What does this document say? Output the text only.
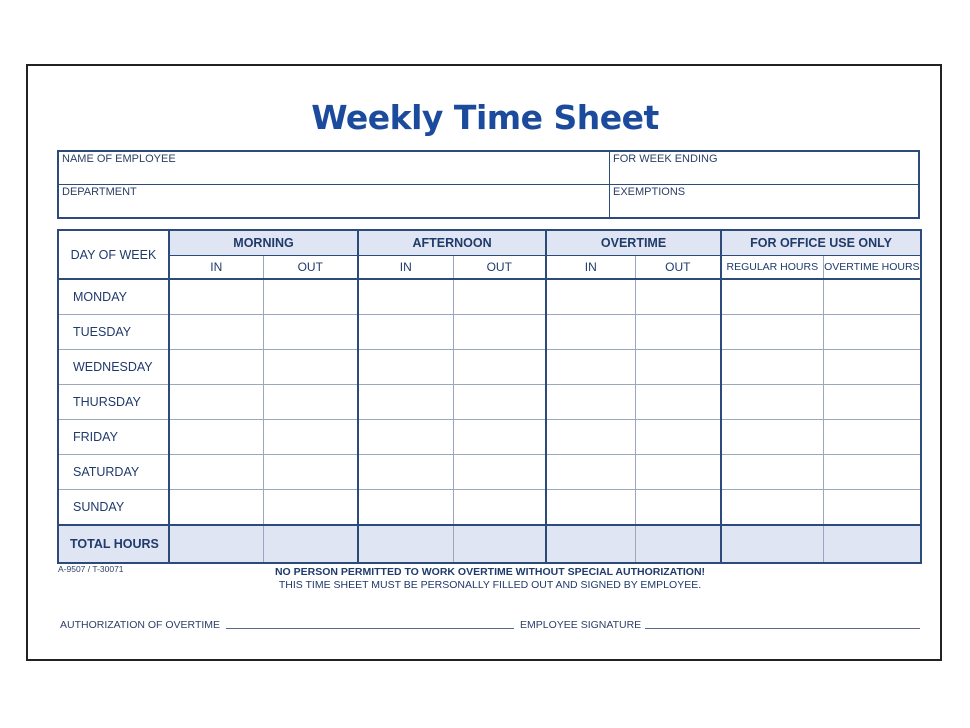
Weekly Time Sheet
NAME OF EMPLOYEE	FOR WEEK ENDING
DEPARTMENT	EXEMPTIONS
DAY OF WEEK	MORNING		AFTERNOON		OVERTIME		FOR OFFICE USE ONLY	
	IN	OUT	IN	OUT	IN	OUT	REGULAR HOURS	OVERTIME HOURS
MONDAY								
TUESDAY								
WEDNESDAY								
THURSDAY								
FRIDAY								
SATURDAY								
SUNDAY								
TOTAL HOURS								
A-9507 / T-30071	NO PERSON PERMITTED TO WORK OVERTIME WITHOUT SPECIAL AUTHORIZATION!
THIS TIME SHEET MUST BE PERSONALLY FILLED OUT AND SIGNED BY EMPLOYEE.
AUTHORIZATION OF OVERTIME	EMPLOYEE SIGNATURE
